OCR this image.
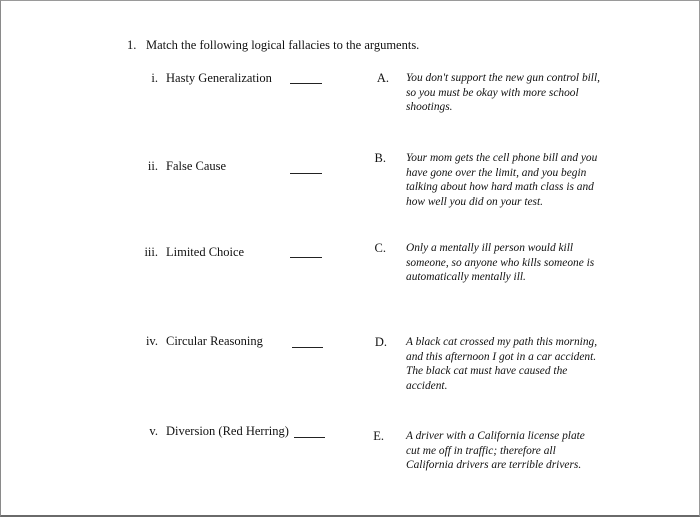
1. Match the following logical fallacies to the arguments.
i. Hasty Generalization
ii. False Cause
iii. Limited Choice
iv. Circular Reasoning
v. Diversion (Red Herring)
A. You don't support the new gun control bill, so you must be okay with more school shootings.
B. Your mom gets the cell phone bill and you have gone over the limit, and you begin talking about how hard math class is and how well you did on your test.
C. Only a mentally ill person would kill someone, so anyone who kills someone is automatically mentally ill.
D. A black cat crossed my path this morning, and this afternoon I got in a car accident. The black cat must have caused the accident.
E. A driver with a California license plate cut me off in traffic; therefore all California drivers are terrible drivers.
